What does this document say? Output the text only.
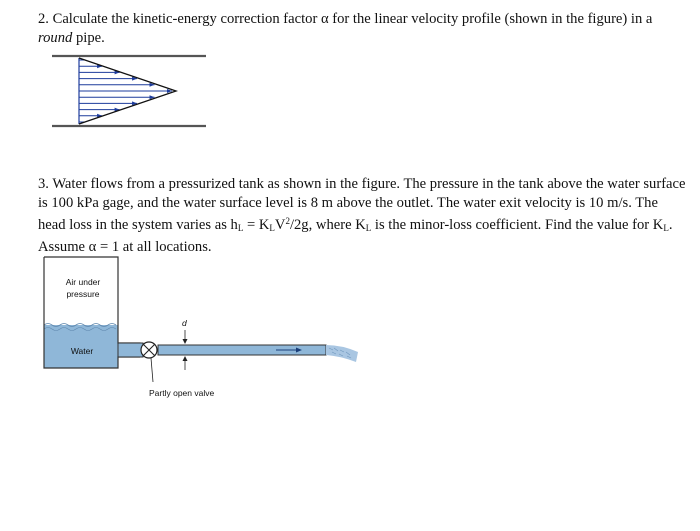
2. Calculate the kinetic-energy correction factor α for the linear velocity profile (shown in the figure) in a round pipe.

Air under
pressure
Water
d
Partly open valve

3. Water flows from a pressurized tank as shown in the figure. The pressure in the tank above the water surface is 100 kPa gage, and the water surface level is 8 m above the outlet. The water exit velocity is 10 m/s. The head loss in the system varies as $h_L = K_LV^2/2g$, where $K_L$ is the minor-loss coefficient. Find the value for $K_L$. Assume α = 1 at all locations.
